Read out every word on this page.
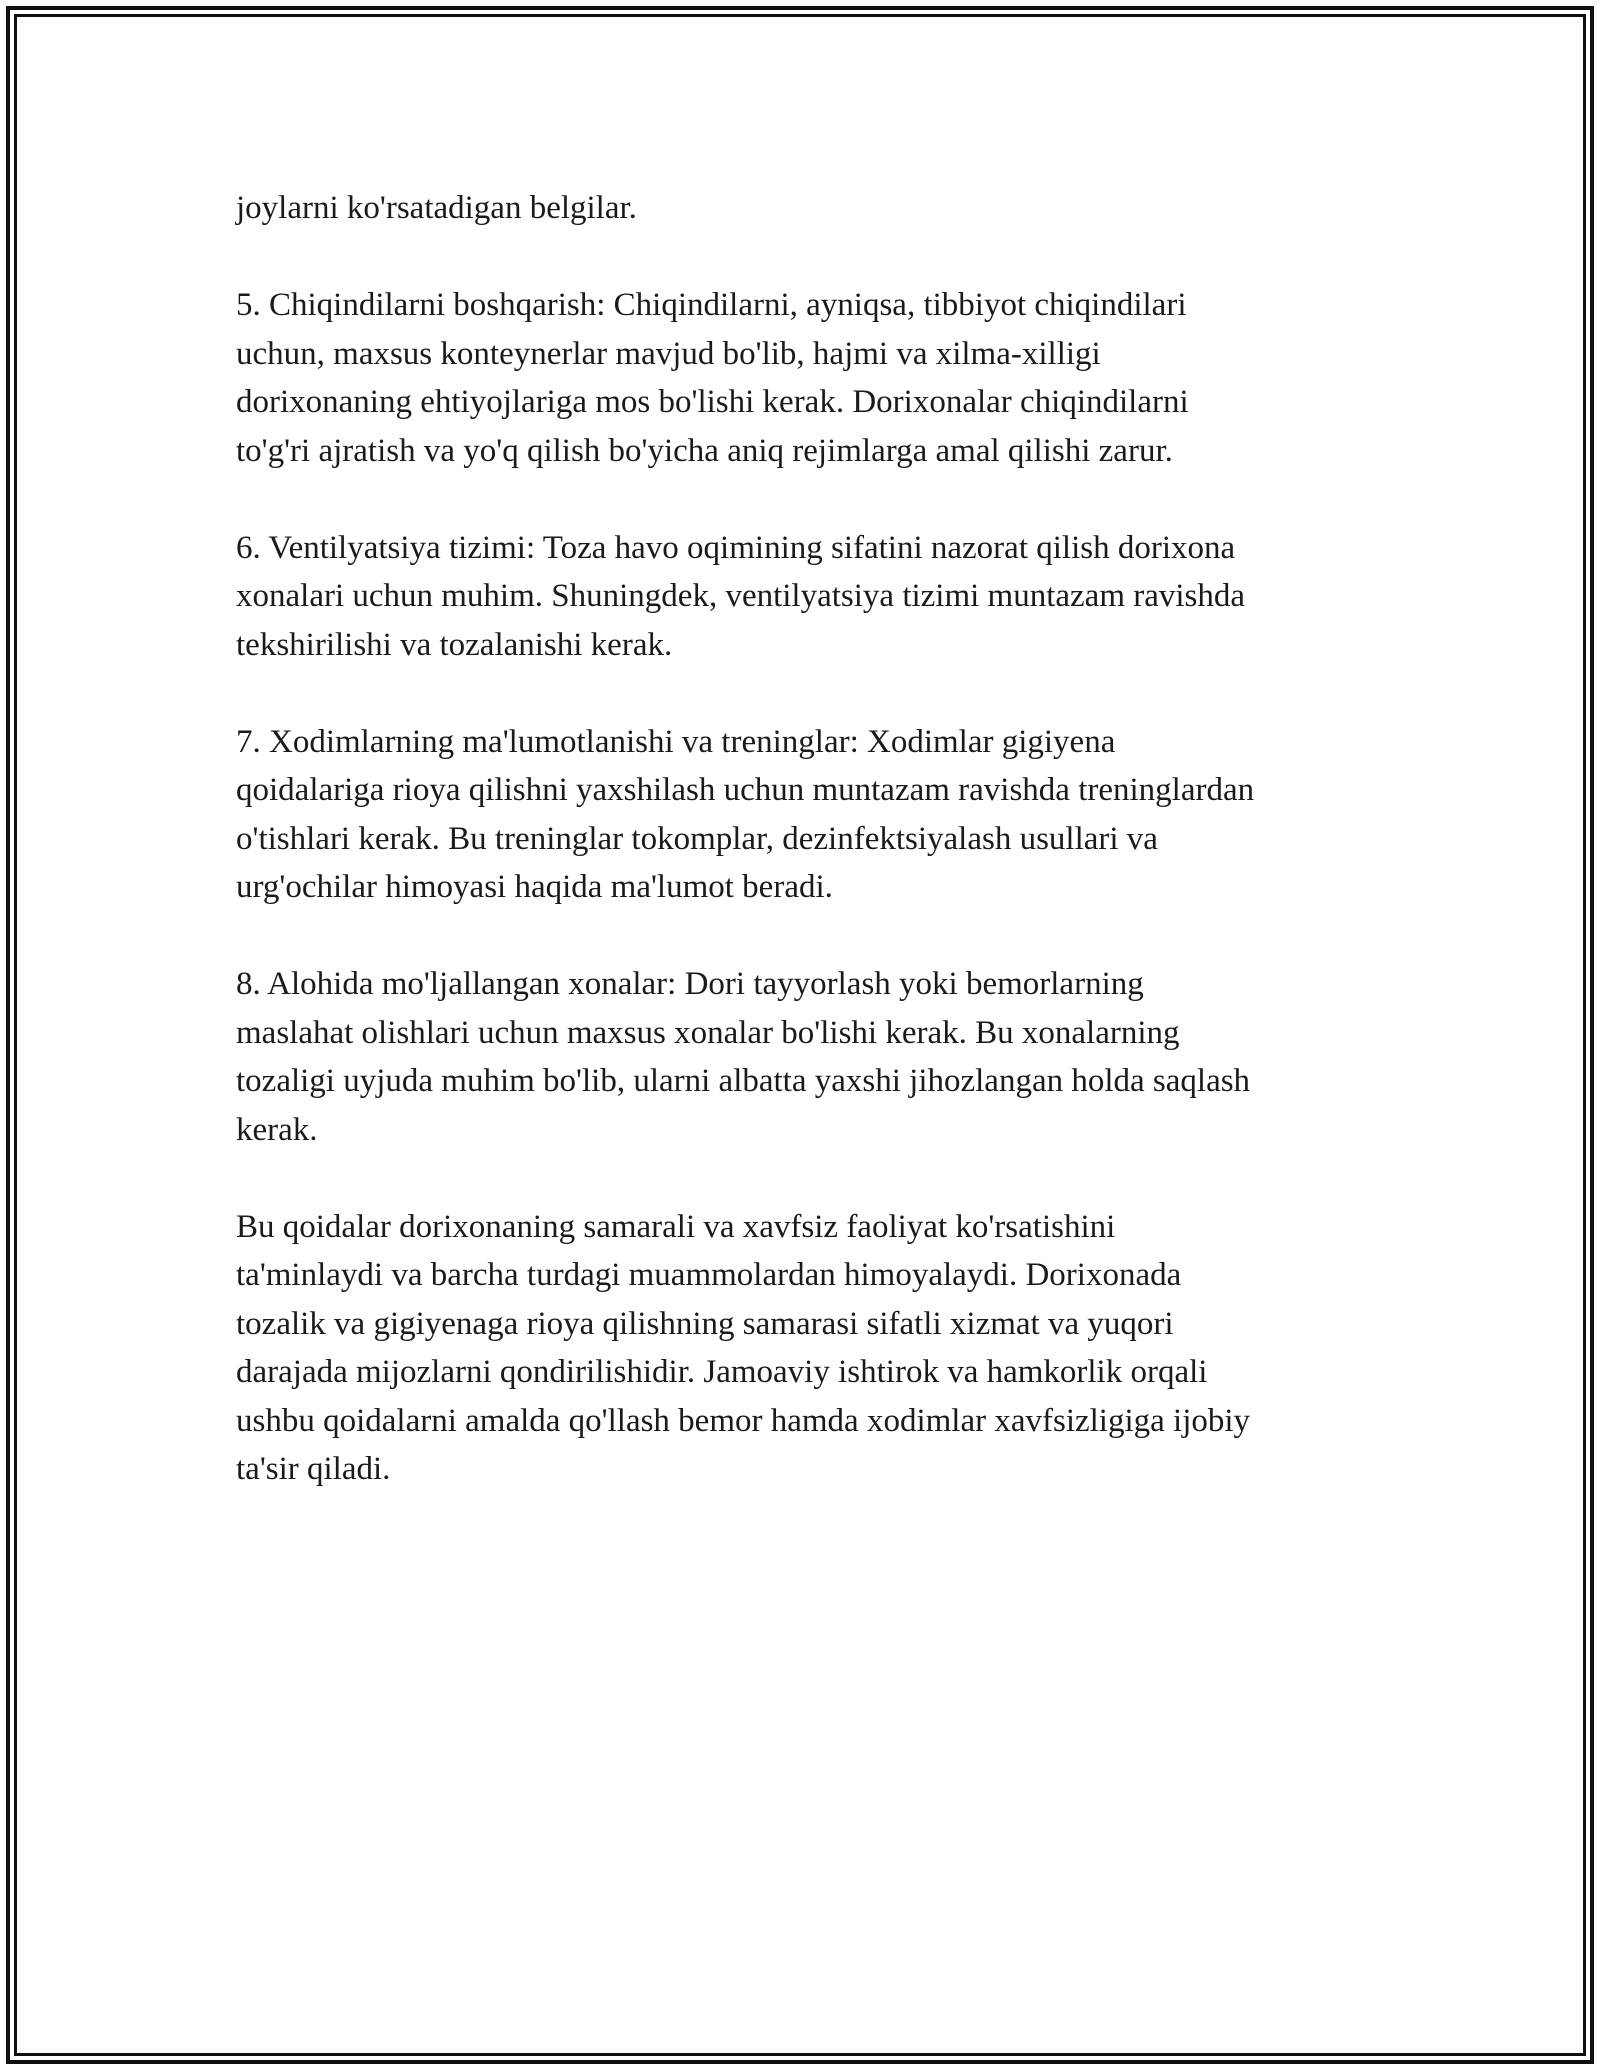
joylarni ko'rsatadigan belgilar.

5. Chiqindilarni boshqarish: Chiqindilarni, ayniqsa, tibbiyot chiqindilari
uchun, maxsus konteynerlar mavjud bo'lib, hajmi va xilma-xilligi
dorixonaning ehtiyojlariga mos bo'lishi kerak. Dorixonalar chiqindilarni
to'g'ri ajratish va yo'q qilish bo'yicha aniq rejimlarga amal qilishi zarur.

6. Ventilyatsiya tizimi: Toza havo oqimining sifatini nazorat qilish dorixona
xonalari uchun muhim. Shuningdek, ventilyatsiya tizimi muntazam ravishda
tekshirilishi va tozalanishi kerak.

7. Xodimlarning ma'lumotlanishi va treninglar: Xodimlar gigiyena
qoidalariga rioya qilishni yaxshilash uchun muntazam ravishda treninglardan
o'tishlari kerak. Bu treninglar tokomplar, dezinfektsiyalash usullari va
urg'ochilar himoyasi haqida ma'lumot beradi.

8. Alohida mo'ljallangan xonalar: Dori tayyorlash yoki bemorlarning
maslahat olishlari uchun maxsus xonalar bo'lishi kerak. Bu xonalarning
tozaligi uyjuda muhim bo'lib, ularni albatta yaxshi jihozlangan holda saqlash
kerak.

Bu qoidalar dorixonaning samarali va xavfsiz faoliyat ko'rsatishini
ta'minlaydi va barcha turdagi muammolardan himoyalaydi. Dorixonada
tozalik va gigiyenaga rioya qilishning samarasi sifatli xizmat va yuqori
darajada mijozlarni qondirilishidir. Jamoaviy ishtirok va hamkorlik orqali
ushbu qoidalarni amalda qo'llash bemor hamda xodimlar xavfsizligiga ijobiy
ta'sir qiladi.
